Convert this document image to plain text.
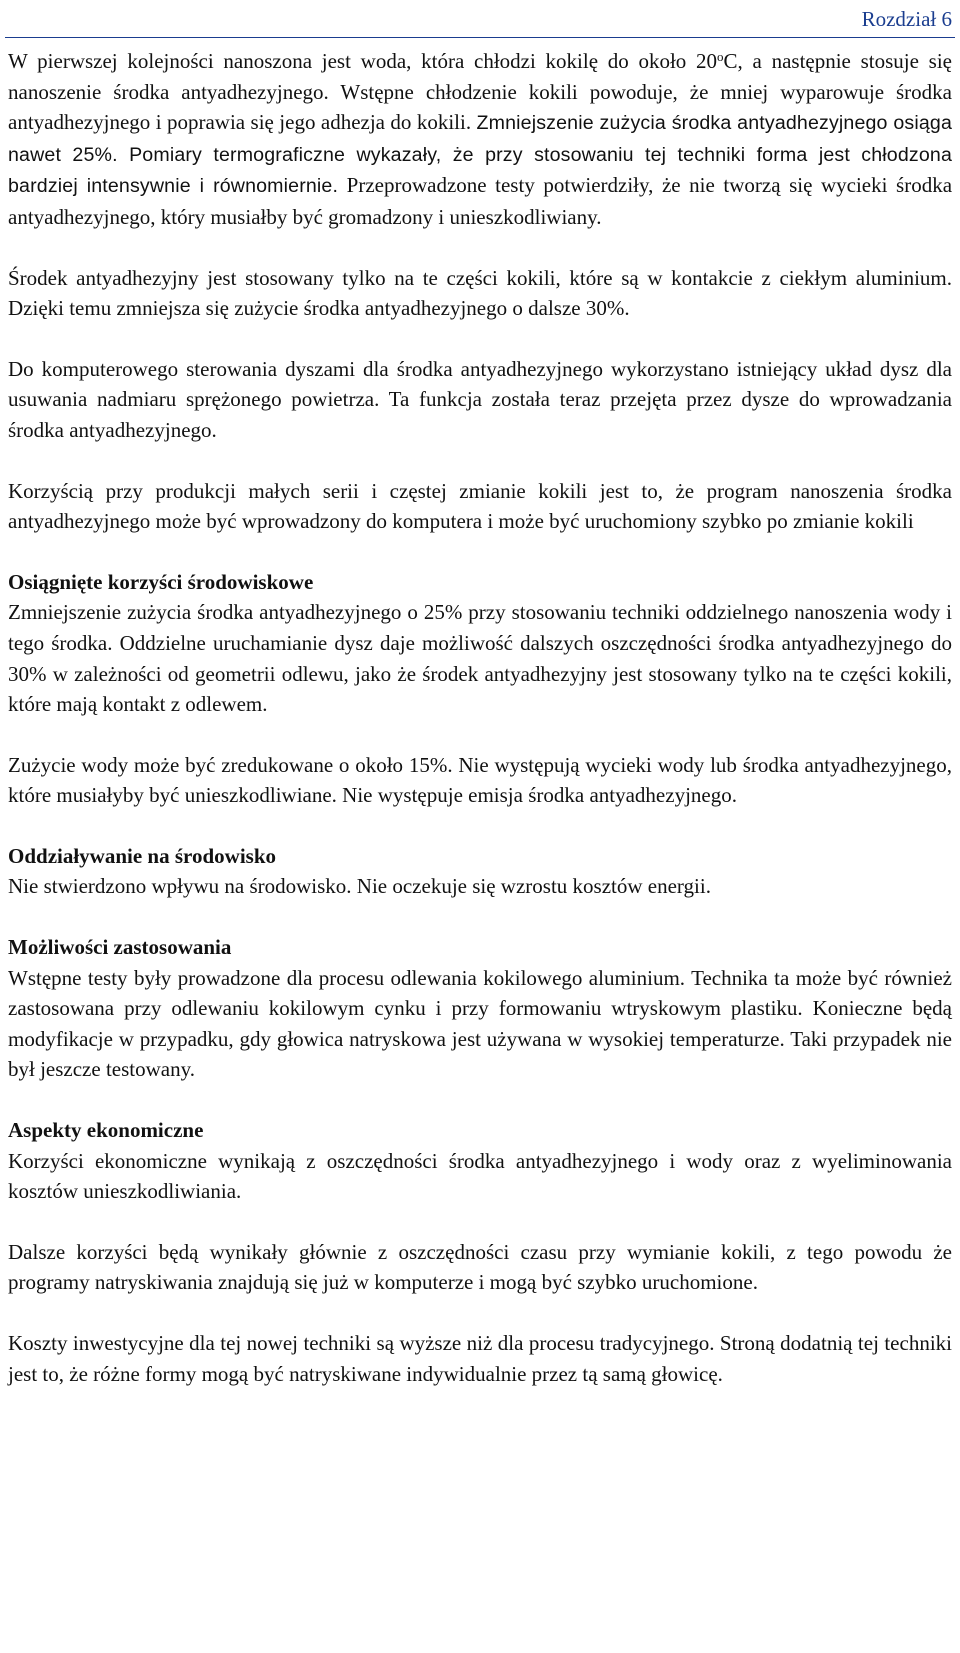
Rozdział 6

W pierwszej kolejności nanoszona jest woda, która chłodzi kokilę do około 20$^o$C, a następnie stosuje się nanoszenie środka antyadhezyjnego. Wstępne chłodzenie kokili powoduje, że mniej wyparowuje środka antyadhezyjnego i poprawia się jego adhezja do kokili. Zmniejszenie zużycia środka antyadhezyjnego osiąga nawet 25%. Pomiary termograficzne wykazały, że przy stosowaniu tej techniki forma jest chłodzona bardziej intensywnie i równomiernie. Przeprowadzone testy potwierdziły, że nie tworzą się wycieki środka antyadhezyjnego, który musiałby być gromadzony i unieszkodliwiany.

Środek antyadhezyjny jest stosowany tylko na te części kokili, które są w kontakcie z ciekłym aluminium. Dzięki temu zmniejsza się zużycie środka antyadhezyjnego o dalsze 30%.

Do komputerowego sterowania dyszami dla środka antyadhezyjnego wykorzystano istniejący układ dysz dla usuwania nadmiaru sprężonego powietrza. Ta funkcja została teraz przejęta przez dysze do wprowadzania środka antyadhezyjnego.

Korzyścią przy produkcji małych serii i częstej zmianie kokili jest to, że program nanoszenia środka antyadhezyjnego może być wprowadzony do komputera i może być uruchomiony szybko po zmianie kokili

Osiągnięte korzyści środowiskowe
Zmniejszenie zużycia środka antyadhezyjnego o 25% przy stosowaniu techniki oddzielnego nanoszenia wody i tego środka. Oddzielne uruchamianie dysz daje możliwość dalszych oszczędności środka antyadhezyjnego do 30% w zależności od geometrii odlewu, jako że środek antyadhezyjny jest stosowany tylko na te części kokili, które mają kontakt z odlewem.

Zużycie wody może być zredukowane o około 15%. Nie występują wycieki wody lub środka antyadhezyjnego, które musiałyby być unieszkodliwiane. Nie występuje emisja środka antyadhezyjnego.

Oddziaływanie na środowisko
Nie stwierdzono wpływu na środowisko. Nie oczekuje się wzrostu kosztów energii.

Możliwości zastosowania
Wstępne testy były prowadzone dla procesu odlewania kokilowego aluminium. Technika ta może być również zastosowana przy odlewaniu kokilowym cynku i przy formowaniu wtryskowym plastiku. Konieczne będą modyfikacje w przypadku, gdy głowica natryskowa jest używana w wysokiej temperaturze. Taki przypadek nie był jeszcze testowany.

Aspekty ekonomiczne
Korzyści ekonomiczne wynikają z oszczędności środka antyadhezyjnego i wody oraz z wyeliminowania kosztów unieszkodliwiania.

Dalsze korzyści będą wynikały głównie z oszczędności czasu przy wymianie kokili, z tego powodu że programy natryskiwania znajdują się już w komputerze i mogą być szybko uruchomione.

Koszty inwestycyjne dla tej nowej techniki są wyższe niż dla procesu tradycyjnego. Stroną dodatnią tej techniki jest to, że różne formy mogą być natryskiwane indywidualnie przez tą samą głowicę.
